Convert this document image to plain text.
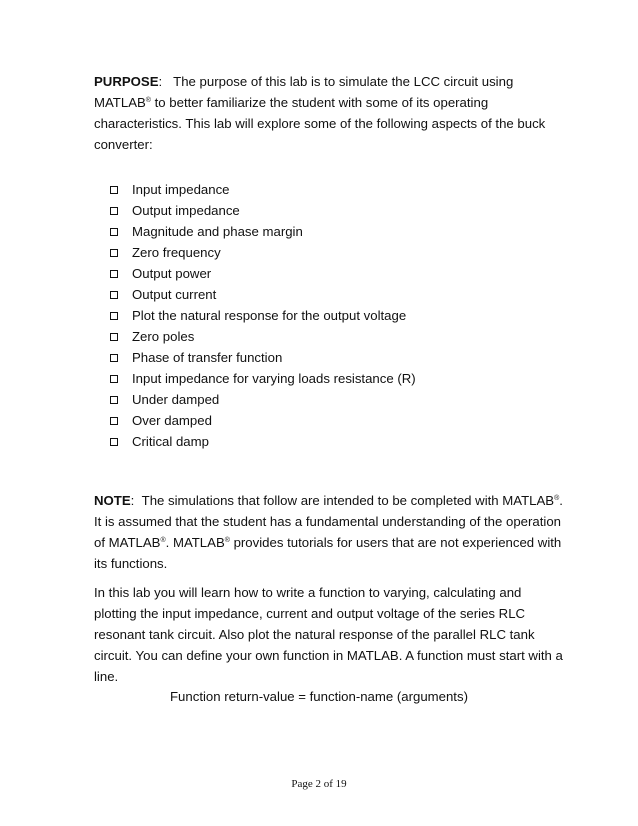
PURPOSE: The purpose of this lab is to simulate the LCC circuit using MATLAB® to better familiarize the student with some of its operating characteristics. This lab will explore some of the following aspects of the buck converter:

Input impedance
Output impedance
Magnitude and phase margin
Zero frequency
Output power
Output current
Plot the natural response for the output voltage
Zero poles
Phase of transfer function
Input impedance for varying loads resistance (R)
Under damped
Over damped
Critical damp

NOTE: The simulations that follow are intended to be completed with MATLAB®. It is assumed that the student has a fundamental understanding of the operation of MATLAB®. MATLAB® provides tutorials for users that are not experienced with its functions.

In this lab you will learn how to write a function to varying, calculating and plotting the input impedance, current and output voltage of the series RLC resonant tank circuit. Also plot the natural response of the parallel RLC tank circuit. You can define your own function in MATLAB. A function must start with a line.

Function return-value = function-name (arguments)
Page 2 of 19
